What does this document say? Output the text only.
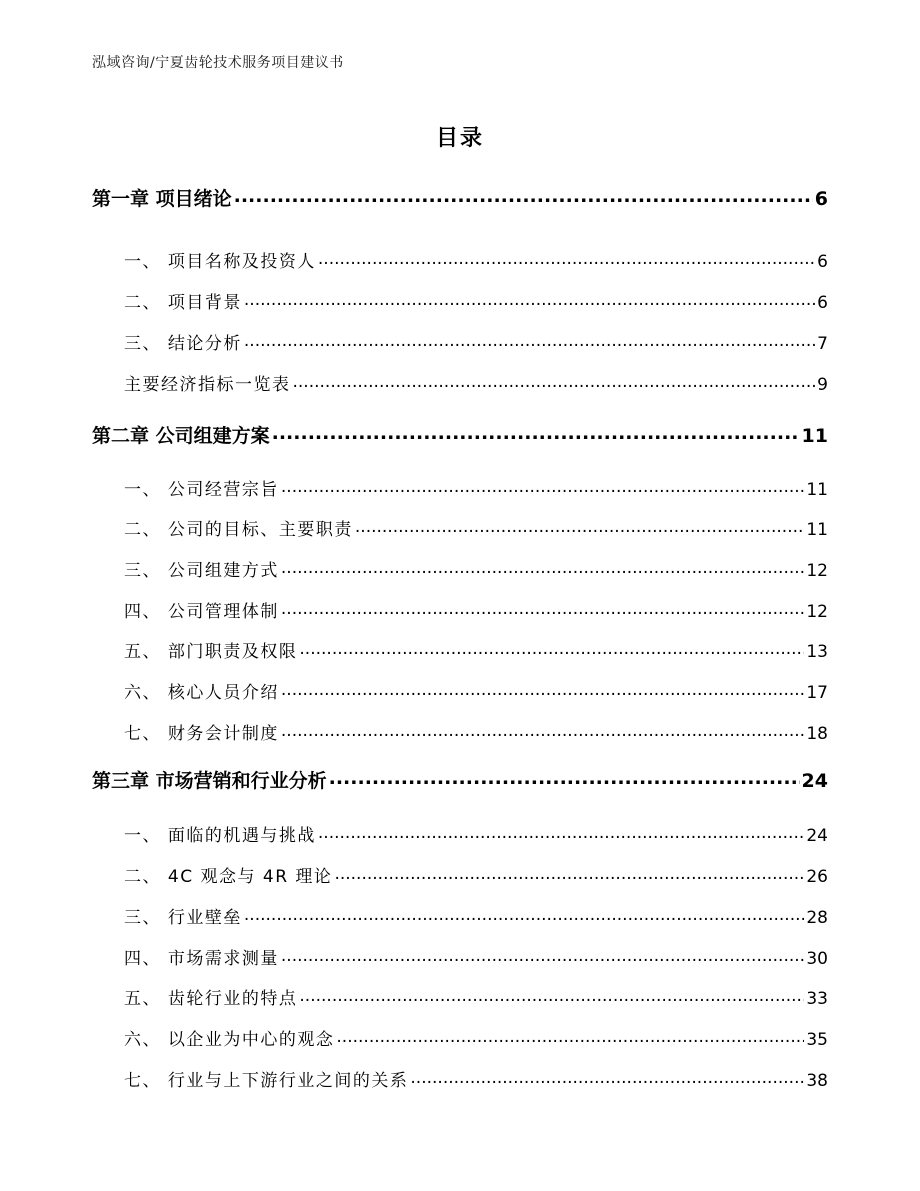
泓域咨询/宁夏齿轮技术服务项目建议书
目录
第一章 项目绪论 .....	6
一、 项目名称及投资人 .....	6
二、 项目背景 .....	6
三、 结论分析 .....	7
主要经济指标一览表 .....	9
第二章 公司组建方案 .....	11
一、 公司经营宗旨 .....	11
二、 公司的目标、主要职责 .....	11
三、 公司组建方式 .....	12
四、 公司管理体制 .....	12
五、 部门职责及权限 .....	13
六、 核心人员介绍 .....	17
七、 财务会计制度 .....	18
第三章 市场营销和行业分析 .....	24
一、 面临的机遇与挑战 .....	24
二、 4C 观念与 4R 理论 .....	26
三、 行业壁垒 .....	28
四、 市场需求测量 .....	30
五、 齿轮行业的特点 .....	33
六、 以企业为中心的观念 .....	35
七、 行业与上下游行业之间的关系 .....	38
